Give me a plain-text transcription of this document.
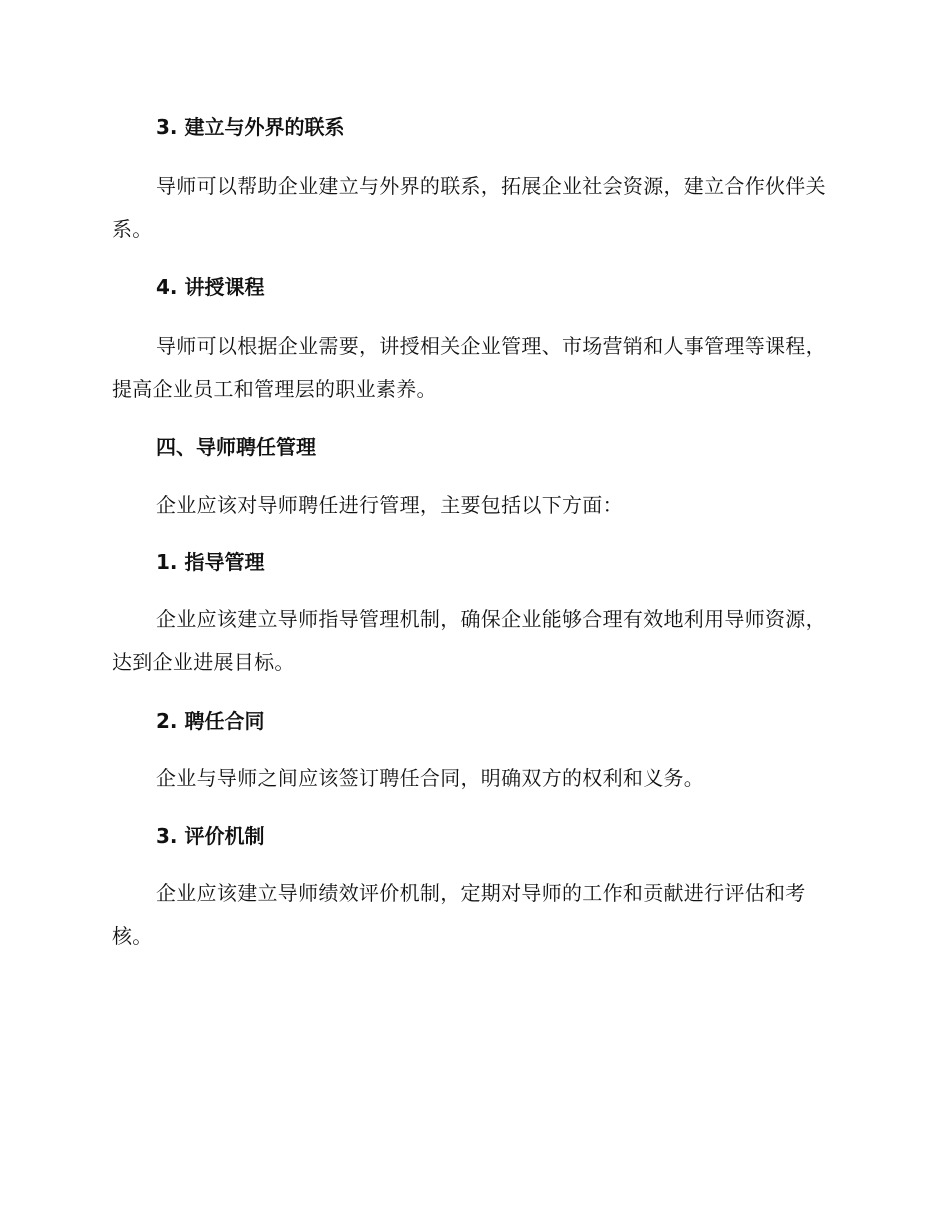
3. 建立与外界的联系

导师可以帮助企业建立与外界的联系，拓展企业社会资源，建立合作伙伴关系。

4. 讲授课程

导师可以根据企业需要，讲授相关企业管理、市场营销和人事管理等课程，提高企业员工和管理层的职业素养。

四、导师聘任管理

企业应该对导师聘任进行管理，主要包括以下方面：

1. 指导管理

企业应该建立导师指导管理机制，确保企业能够合理有效地利用导师资源，达到企业进展目标。

2. 聘任合同

企业与导师之间应该签订聘任合同，明确双方的权利和义务。

3. 评价机制

企业应该建立导师绩效评价机制，定期对导师的工作和贡献进行评估和考核。
